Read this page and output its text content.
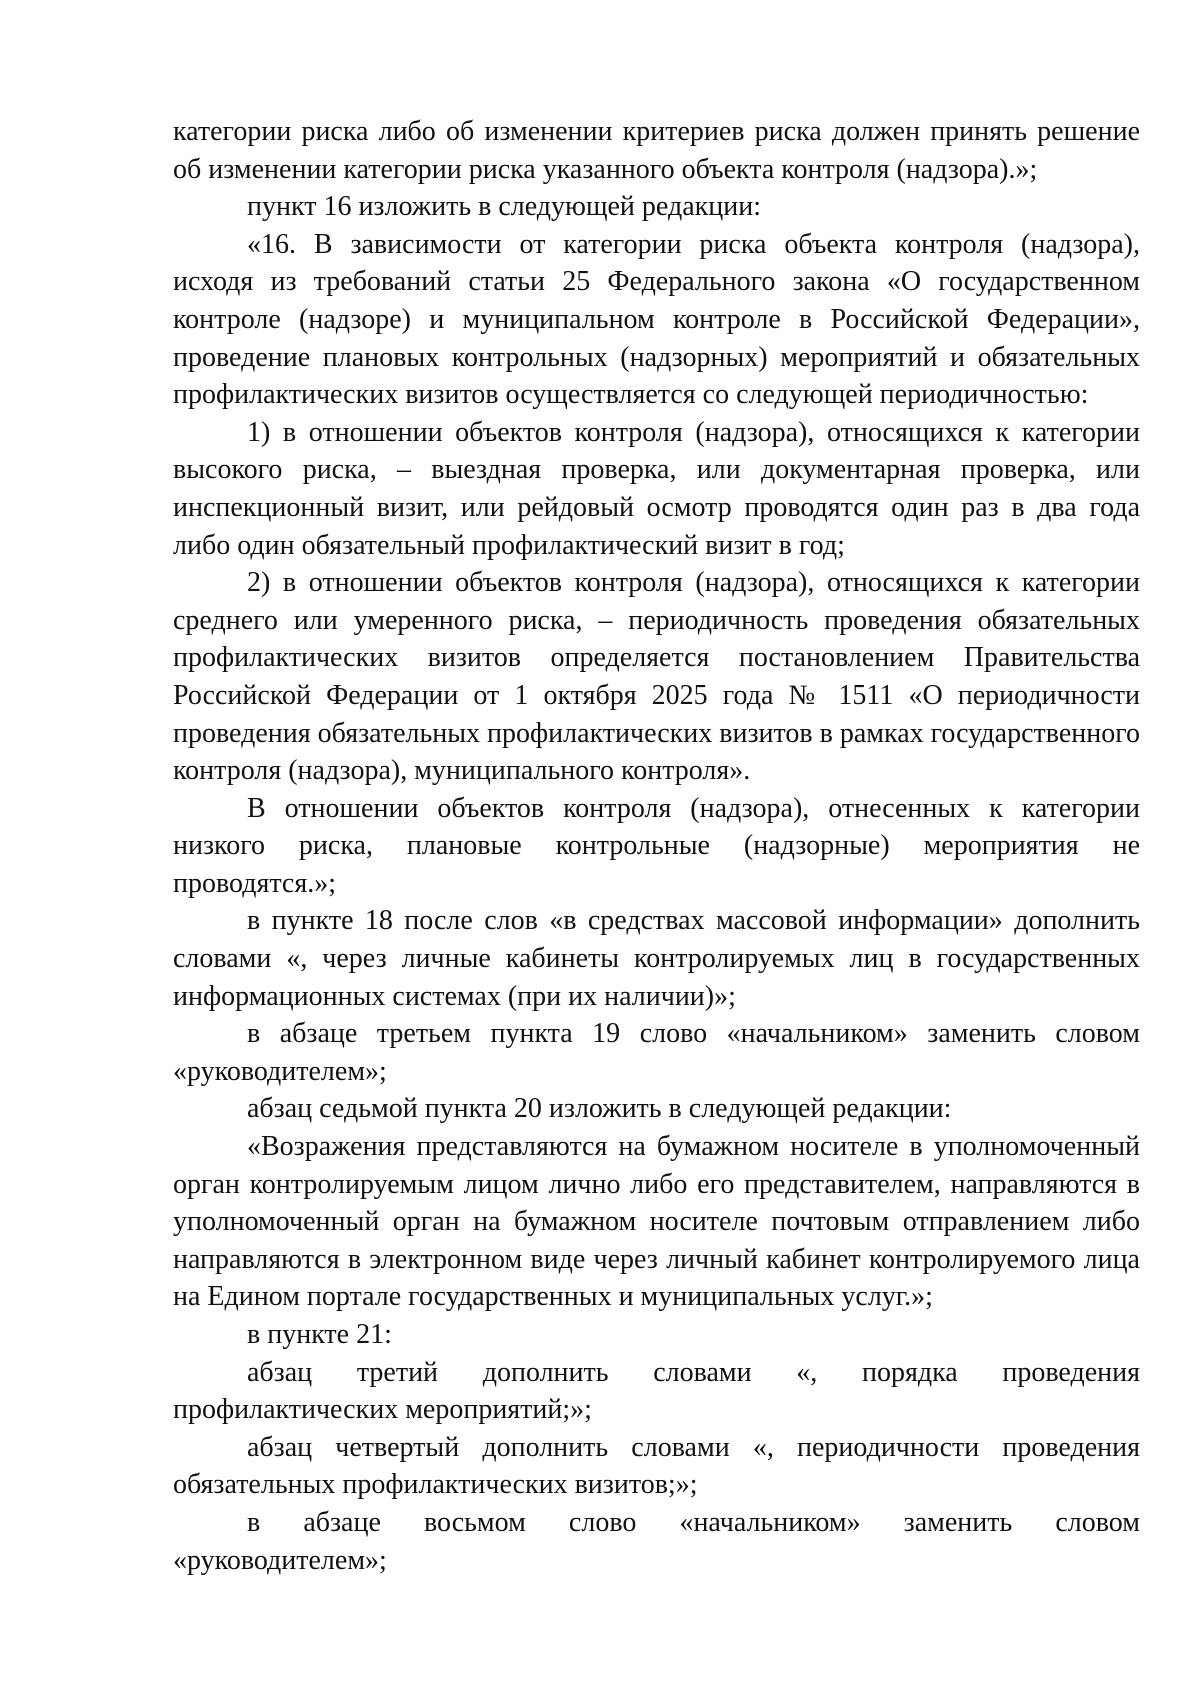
категории риска либо об изменении критериев риска должен принять решение об изменении категории риска указанного объекта контроля (надзора).»;

пункт 16 изложить в следующей редакции:

«16. В зависимости от категории риска объекта контроля (надзора), исходя из требований статьи 25 Федерального закона «О государственном контроле (надзоре) и муниципальном контроле в Российской Федерации», проведение плановых контрольных (надзорных) мероприятий и обязательных профилактических визитов осуществляется со следующей периодичностью:

1) в отношении объектов контроля (надзора), относящихся к категории высокого риска, – выездная проверка, или документарная проверка, или инспекционный визит, или рейдовый осмотр проводятся один раз в два года либо один обязательный профилактический визит в год;

2) в отношении объектов контроля (надзора), относящихся к категории среднего или умеренного риска, – периодичность проведения обязательных профилактических визитов определяется постановлением Правительства Российской Федерации от 1 октября 2025 года № 1511 «О периодичности проведения обязательных профилактических визитов в рамках государственного контроля (надзора), муниципального контроля».

В отношении объектов контроля (надзора), отнесенных к категории низкого риска, плановые контрольные (надзорные) мероприятия не проводятся.»;

в пункте 18 после слов «в средствах массовой информации» дополнить словами «, через личные кабинеты контролируемых лиц в государственных информационных системах (при их наличии)»;

в абзаце третьем пункта 19 слово «начальником» заменить словом «руководителем»;

абзац седьмой пункта 20 изложить в следующей редакции:

«Возражения представляются на бумажном носителе в уполномоченный орган контролируемым лицом лично либо его представителем, направляются в уполномоченный орган на бумажном носителе почтовым отправлением либо направляются в электронном виде через личный кабинет контролируемого лица на Едином портале государственных и муниципальных услуг.»;

в пункте 21:

абзац третий дополнить словами «, порядка проведения профилактических мероприятий;»;

абзац четвертый дополнить словами «, периодичности проведения обязательных профилактических визитов;»;

в абзаце восьмом слово «начальником» заменить словом «руководителем»;
